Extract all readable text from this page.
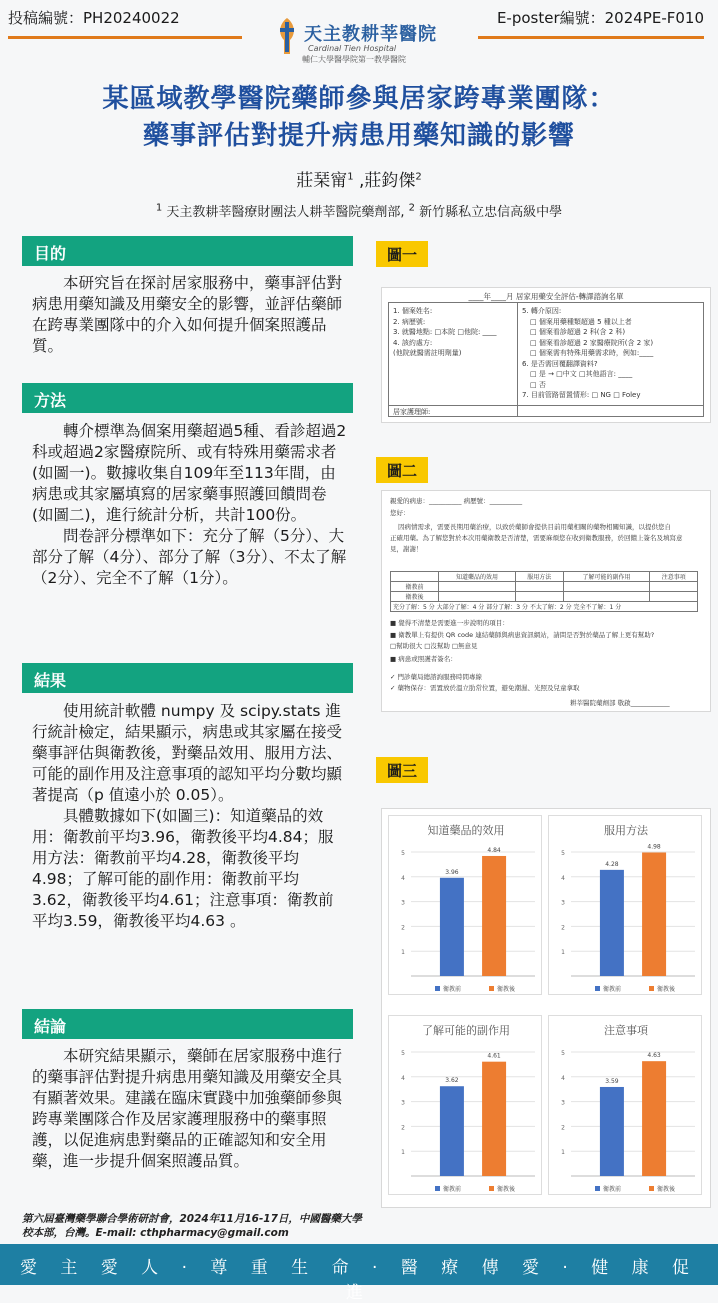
投稿編號：PH20240022	E-poster編號：2024PE-F010
天主教耕莘醫院
Cardinal Tien Hospital
輔仁大學醫學院第一教學醫院
某區域教學醫院藥師參與居家跨專業團隊：
藥事評估對提升病患用藥知識的影響
莊琹甯$^1$ ,莊鈞傑$^2$
$^1$ 天主教耕莘醫療財團法人耕莘醫院藥劑部, $^2$ 新竹縣私立忠信高級中學
目的
本研究旨在探討居家服務中，藥事評估對病患用藥知識及用藥安全的影響，並評估藥師在跨專業團隊中的介入如何提升個案照護品質。
方法

轉介標準為個案用藥超過5種、看診超過2科或超過2家醫療院所、或有特殊用藥需求者(如圖一)。數據收集自109年至113年間，由病患或其家屬填寫的居家藥事照護回饋問卷(如圖二)，進行統計分析，共計100份。

問卷評分標準如下：充分了解（5分）、大部分了解（4分）、部分了解（3分）、不太了解（2分）、完全不了解（1分）。

結果

使用統計軟體 numpy 及 scipy.stats 進行統計檢定，結果顯示，病患或其家屬在接受藥事評估與衛教後，對藥品效用、服用方法、可能的副作用及注意事項的認知平均分數均顯著提高（p 值遠小於 0.05）。

具體數據如下(如圖三)：知道藥品的效用：衛教前平均3.96，衛教後平均4.84；服用方法：衛教前平均4.28，衛教後平均4.98；了解可能的副作用：衛教前平均3.62，衛教後平均4.61；注意事項：衛教前平均3.59，衛教後平均4.63 。

結論
本研究結果顯示，藥師在居家服務中進行的藥事評估對提升病患用藥知識及用藥安全具有顯著效果。建議在臨床實踐中加強藥師參與跨專業團隊合作及居家護理服務中的藥事照護，以促進病患對藥品的正確認知和安全用藥，進一步提升個案照護品質。
圖一
圖二
圖三
____年____月 居家用藥安全評估-轉譯諮詢名單
1. 個案姓名:
2. 病歷號:
3. 就醫地點: □本院 □他院: ____
4. 該約處方:
(他院就醫需註明劑量)
居家護理師:
5. 轉介原因:
□ 個案用藥種類超過 5 種以上者
□ 個案看診超過 2 科(含 2 科)
□ 個案看診超過 2 家醫療院所(含 2 家)
□ 個案需有特殊用藥需求時，例如:____
6. 是否需回覆翻譯資料?
□ 是 → □中文 □其他語言: ____
□ 否
7. 目前管路留置情形: □ NG □ Foley
親愛的病患：__________ 病歷號：__________
您好：
因病情需求，需要長期用藥治療，以致於藥師會提供目前用藥相關的藥物相關知識，以提供您自
正確用藥。為了解您對於本次用藥衛教是否清楚，需要麻煩您在收到衛教服務，於回饋上簽名及填寫意
見，謝謝！
	知道藥品的效用	服用方法	了解可能的副作用	注意事項
衛教前				
衛教後				
充分了解：5 分 大部分了解：4 分 部分了解：3 分 不太了解：2 分 完全不了解：1 分				
■ 覺得不清楚是需要進一步說明的項目：
■ 衛教單上有提供 QR code 連結藥師與病患資訊網站，請問是否對於藥品了解上更有幫助?
□幫助很大 □沒幫助 □無意見
■ 病患或照護者簽名：
✓ 門診藥局總諮詢服務時間專線
✓ 藥物保存：需置放於溫立肋常位置，避免潮濕、光照及兒童拿取
耕莘醫院藥劑部 敬啟____________
知道藥品的效用
1
2
3
4
5
3.96
4.84
衛教前	衛教後
服用方法
1
2
3
4
5
4.28
4.98
衛教前	衛教後
了解可能的副作用
1
2
3
4
5
3.62
4.61
衛教前	衛教後
注意事項
1
2
3
4
5
3.59
4.63
衛教前	衛教後
第六屆臺灣藥學聯合學術研討會，2024年11月16-17日，中國醫藥大學校本部，台灣。E-mail: cthpharmacy@gmail.com
愛 主 愛 人 · 尊 重 生 命 · 醫 療 傳 愛 · 健 康 促 進
